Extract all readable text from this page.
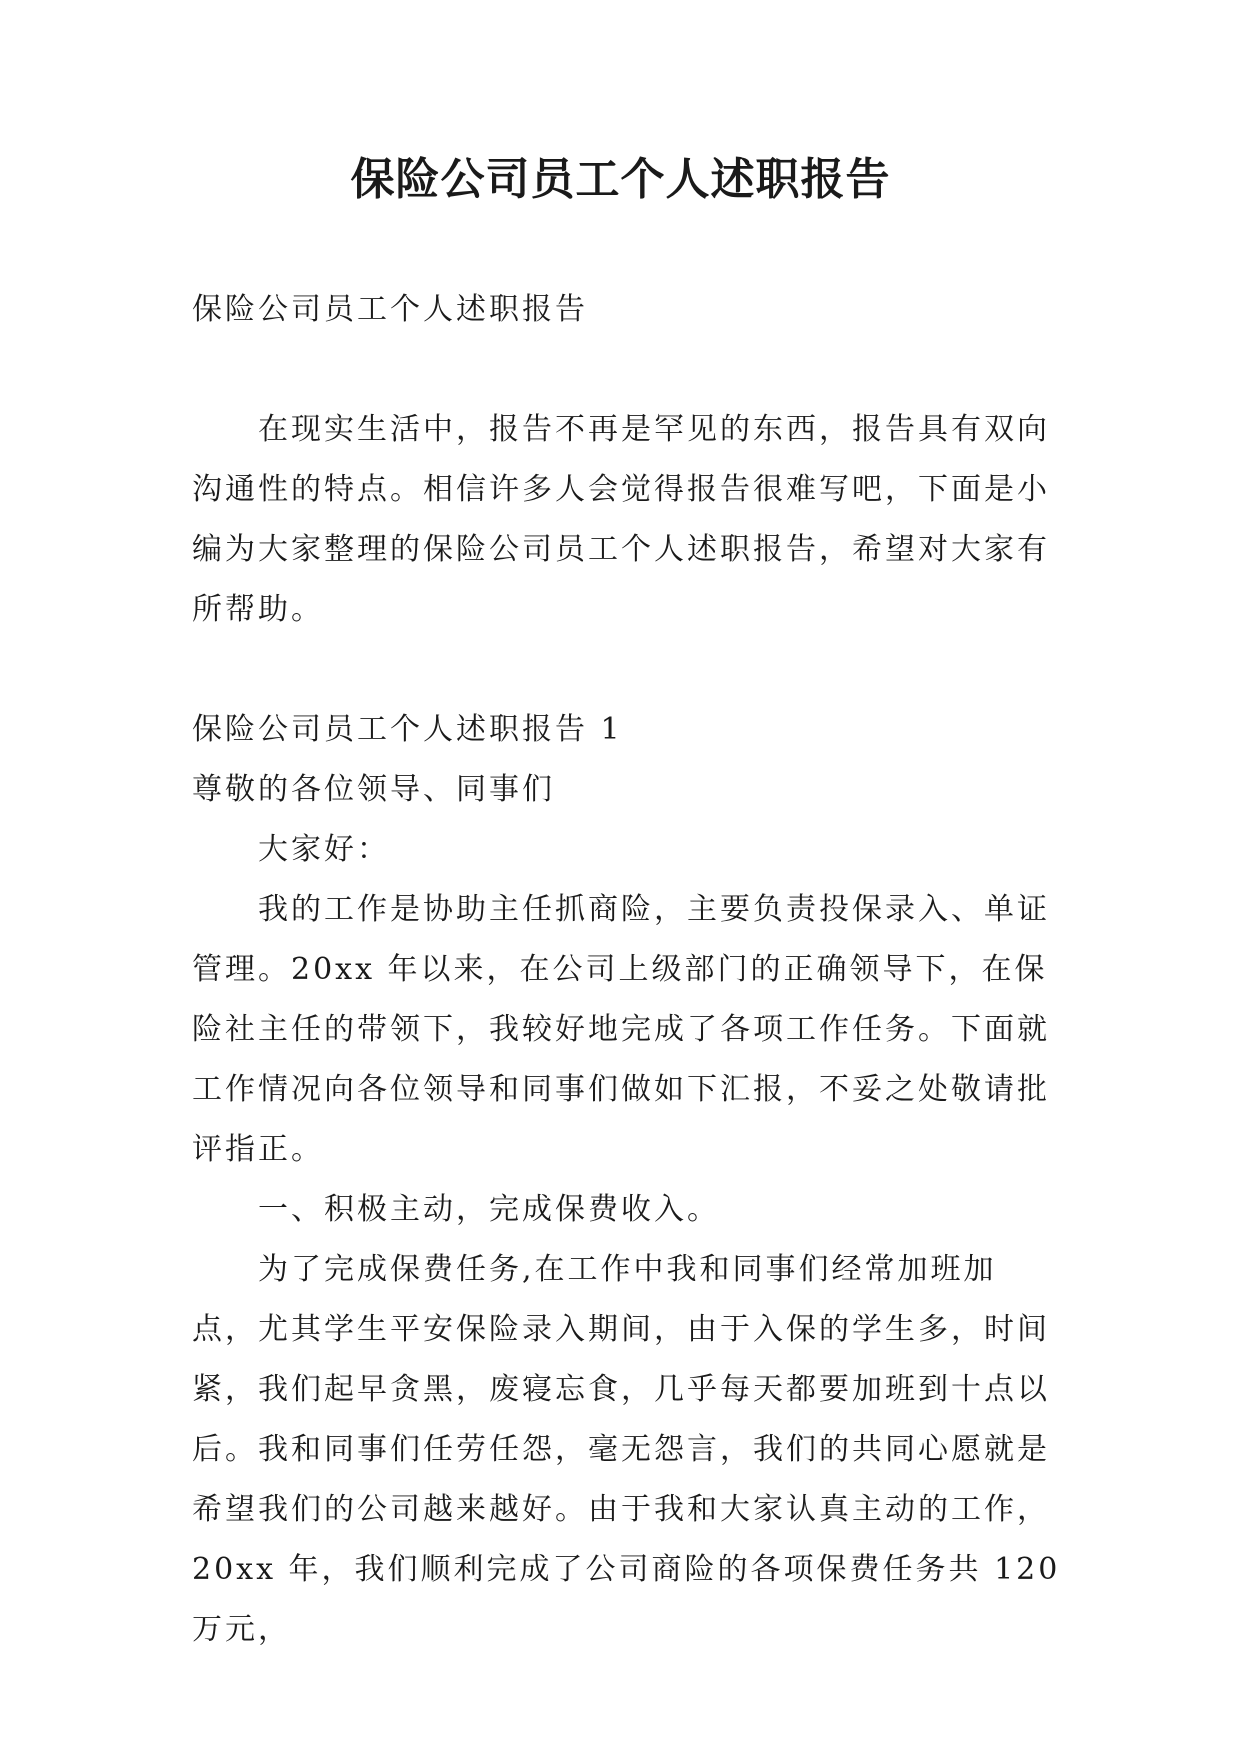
保险公司员工个人述职报告

保险公司员工个人述职报告

在现实生活中，报告不再是罕见的东西，报告具有双向沟通性的特点。相信许多人会觉得报告很难写吧，下面是小编为大家整理的保险公司员工个人述职报告，希望对大家有所帮助。

保险公司员工个人述职报告 1

尊敬的各位领导、同事们

大家好：

我的工作是协助主任抓商险，主要负责投保录入、单证管理。20xx 年以来，在公司上级部门的正确领导下，在保险社主任的带领下，我较好地完成了各项工作任务。下面就工作情况向各位领导和同事们做如下汇报，不妥之处敬请批评指正。

一、积极主动，完成保费收入。

为了完成保费任务,在工作中我和同事们经常加班加点，尤其学生平安保险录入期间，由于入保的学生多，时间紧，我们起早贪黑，废寝忘食，几乎每天都要加班到十点以后。我和同事们任劳任怨，毫无怨言，我们的共同心愿就是希望我们的公司越来越好。由于我和大家认真主动的工作，20xx 年，我们顺利完成了公司商险的各项保费任务共 120 万元，
